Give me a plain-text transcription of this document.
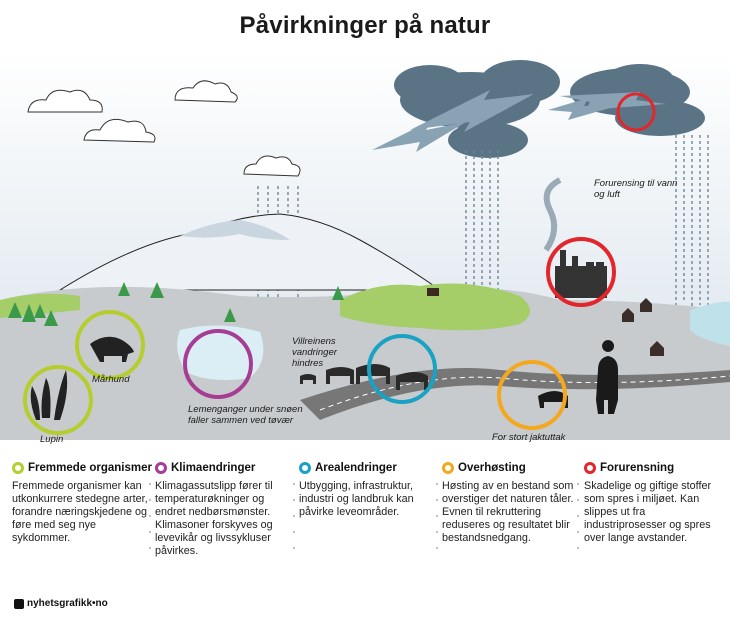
Påvirkninger på natur
Mårhund
Lupin
Lemenganger under snøen faller sammen ved tøvær
Villreinens vandringer hindres
For stort jaktuttak
Forurensing til vann og luft
Fremmede organismer
Fremmede organismer kan utkonkurrere stedegne arter, forandre næringskjedene og føre med seg nye sykdommer.
Klimaendringer
Klimagassutslipp fører til temperaturøkninger og endret nedbørsmønster. Klimasoner forskyves og levevikår og livssykluser påvirkes.
Arealendringer
Utbygging, infrastruktur, industri og landbruk kan påvirke leveområder.
Overhøsting
Høsting av en bestand som overstiger det naturen tåler. Evnen til rekruttering reduseres og resultatet blir bestandsnedgang.
Forurensning
Skadelige og giftige stoffer som spres i miljøet. Kan slippes ut fra industriprosesser og spres over lange avstander.
nyhetsgrafikk•no
